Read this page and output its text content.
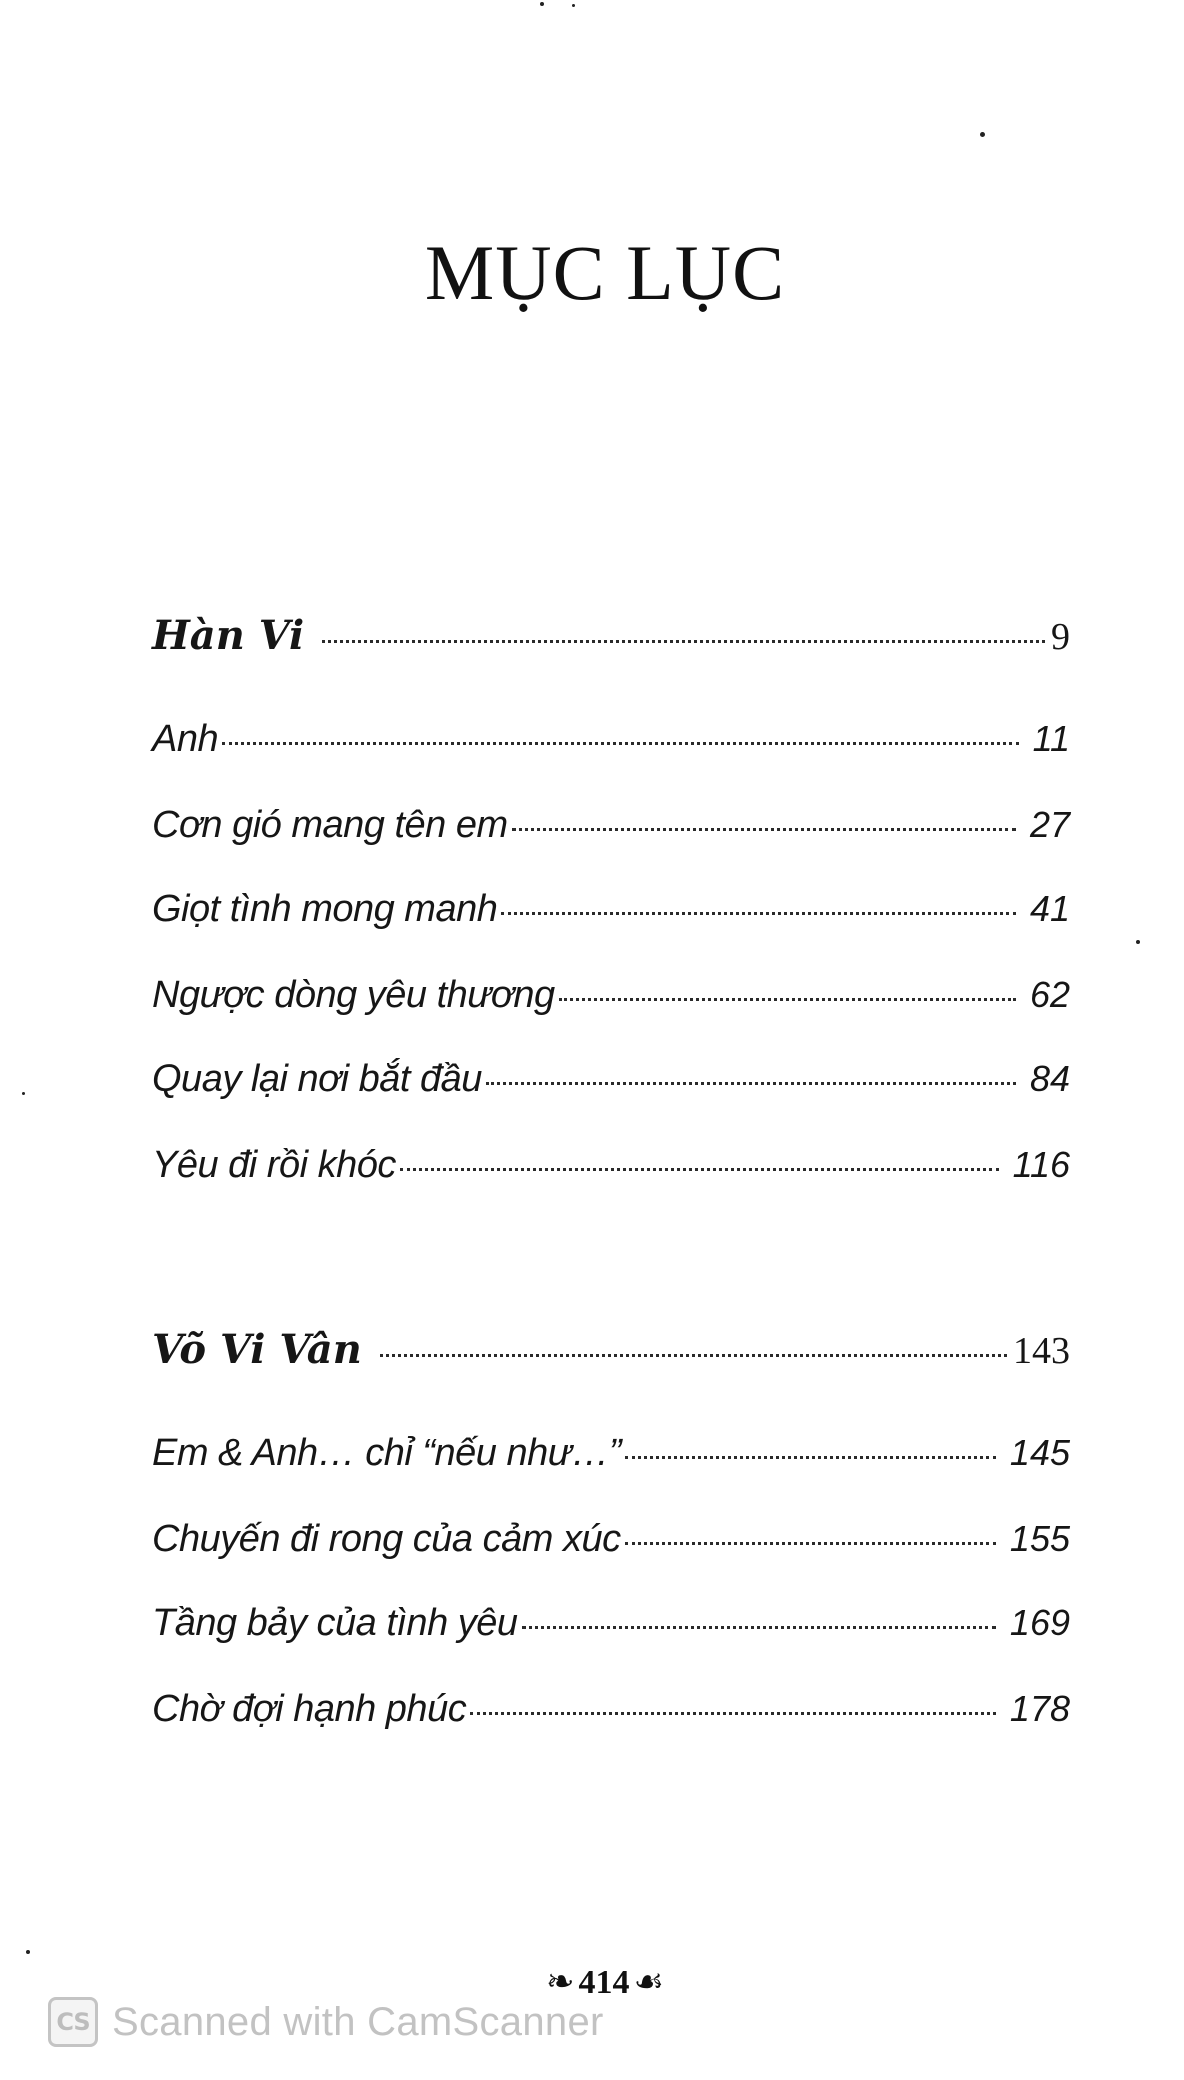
MỤC LỤC
Hàn Vi	9
Anh	11
Cơn gió mang tên em	27
Giọt tình mong manh	41
Ngược dòng yêu thương	62
Quay lại nơi bắt đầu	84
Yêu đi rồi khóc	116
Võ Vi Vân	143
Em & Anh… chỉ “nếu như…”	145
Chuyến đi rong của cảm xúc	155
Tầng bảy của tình yêu	169
Chờ đợi hạnh phúc	178
❧ 414 ☙
CS Scanned with CamScanner
